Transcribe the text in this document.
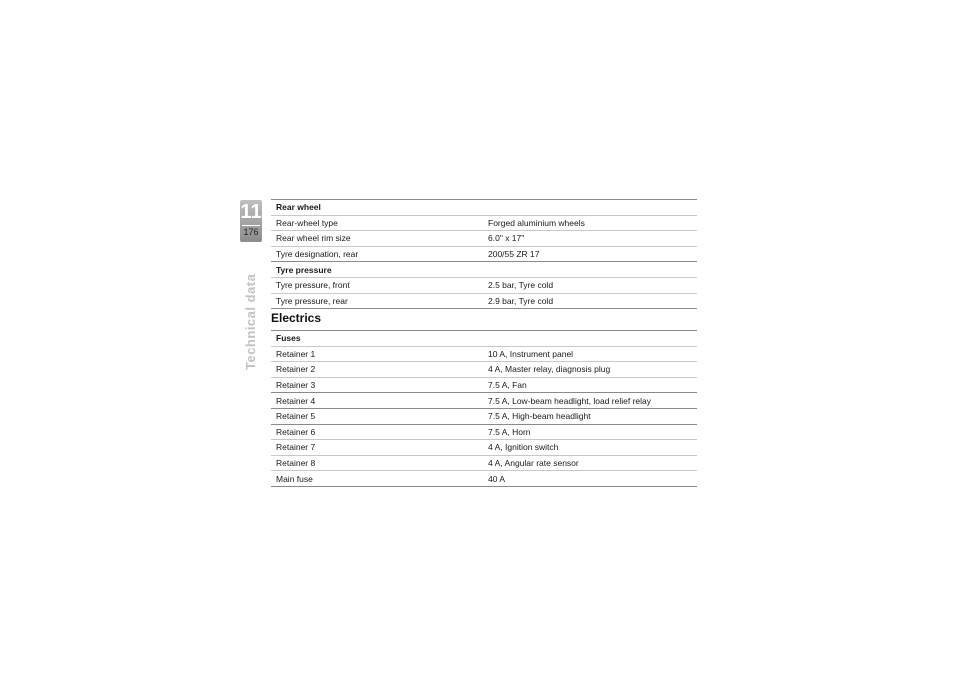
11
176
Technical data
Rear wheel
Rear-wheel type	Forged aluminium wheels
Rear wheel rim size	6.0" x 17"
Tyre designation, rear	200/55 ZR 17
Tyre pressure
Tyre pressure, front	2.5 bar, Tyre cold
Tyre pressure, rear	2.9 bar, Tyre cold
Electrics
Fuses
Retainer 1	10 A, Instrument panel
Retainer 2	4 A, Master relay, diagnosis plug
Retainer 3	7.5 A, Fan
Retainer 4	7.5 A, Low-beam headlight, load relief relay
Retainer 5	7.5 A, High-beam headlight
Retainer 6	7.5 A, Horn
Retainer 7	4 A, Ignition switch
Retainer 8	4 A, Angular rate sensor
Main fuse	40 A
